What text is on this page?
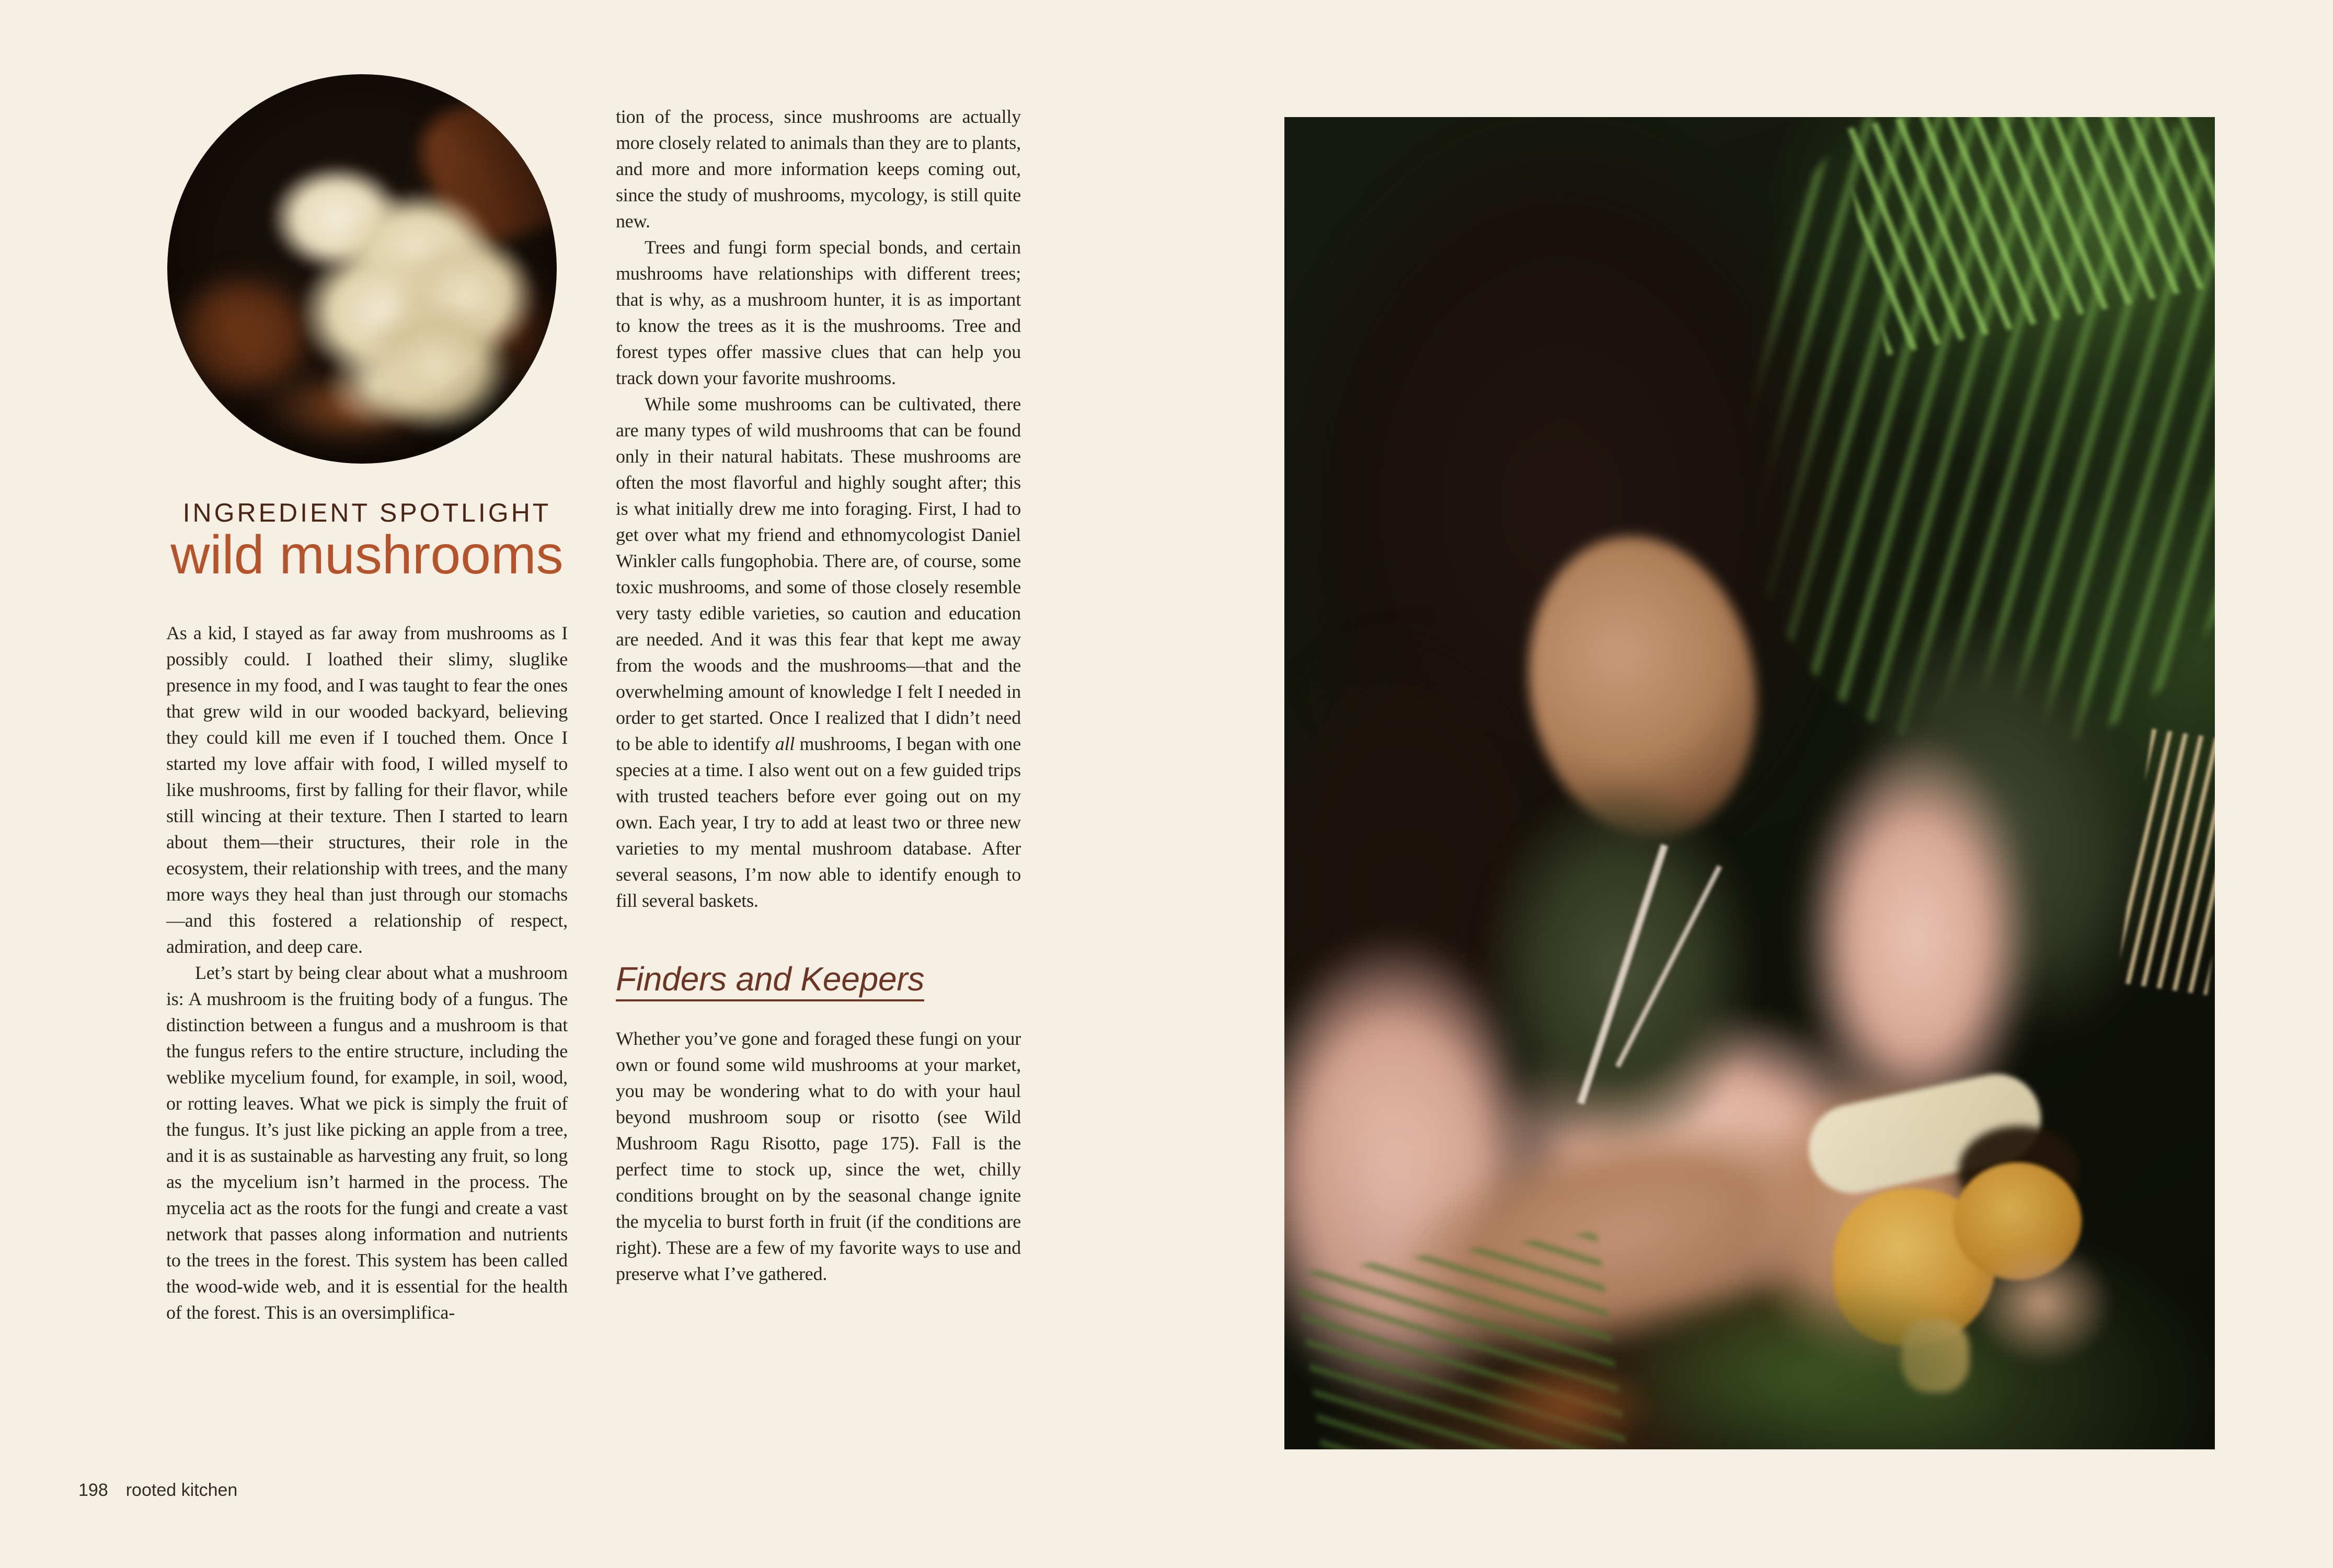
INGREDIENT SPOTLIGHT
wild mushrooms

As a kid, I stayed as far away from mushrooms as I possibly could. I loathed their slimy, sluglike presence in my food, and I was taught to fear the ones that grew wild in our wooded backyard, believing they could kill me even if I touched them. Once I started my love affair with food, I willed myself to like mushrooms, first by falling for their flavor, while still wincing at their texture. Then I started to learn about them—their structures, their role in the ecosystem, their relationship with trees, and the many more ways they heal than just through our stomachs—and this fostered a relationship of respect, admiration, and deep care.

Let’s start by being clear about what a mushroom is: A mushroom is the fruiting body of a fungus. The distinction between a fungus and a mushroom is that the fungus refers to the entire structure, including the weblike mycelium found, for example, in soil, wood, or rotting leaves. What we pick is simply the fruit of the fungus. It’s just like picking an apple from a tree, and it is as sustainable as harvesting any fruit, so long as the mycelium isn’t harmed in the process. The mycelia act as the roots for the fungi and create a vast network that passes along information and nutrients to the trees in the forest. This system has been called the wood-wide web, and it is essential for the health of the forest. This is an oversimplifica-

tion of the process, since mushrooms are actually more closely related to animals than they are to plants, and more and more information keeps coming out, since the study of mushrooms, mycology, is still quite new.

Trees and fungi form special bonds, and certain mushrooms have relationships with different trees; that is why, as a mushroom hunter, it is as important to know the trees as it is the mushrooms. Tree and forest types offer massive clues that can help you track down your favorite mushrooms.

While some mushrooms can be cultivated, there are many types of wild mushrooms that can be found only in their natural habitats. These mushrooms are often the most flavorful and highly sought after; this is what initially drew me into foraging. First, I had to get over what my friend and ethnomycologist Daniel Winkler calls fungophobia. There are, of course, some toxic mushrooms, and some of those closely resemble very tasty edible varieties, so caution and education are needed. And it was this fear that kept me away from the woods and the mushrooms—that and the overwhelming amount of knowledge I felt I needed in order to get started. Once I realized that I didn’t need to be able to identify all mushrooms, I began with one species at a time. I also went out on a few guided trips with trusted teachers before ever going out on my own. Each year, I try to add at least two or three new varieties to my mental mushroom database. After several seasons, I’m now able to identify enough to fill several baskets.

Finders and Keepers

Whether you’ve gone and foraged these fungi on your own or found some wild mushrooms at your market, you may be wondering what to do with your haul beyond mushroom soup or risotto (see Wild Mushroom Ragu Risotto, page 175). Fall is the perfect time to stock up, since the wet, chilly conditions brought on by the seasonal change ignite the mycelia to burst forth in fruit (if the conditions are right). These are a few of my favorite ways to use and preserve what I’ve gathered.

198 rooted kitchen
